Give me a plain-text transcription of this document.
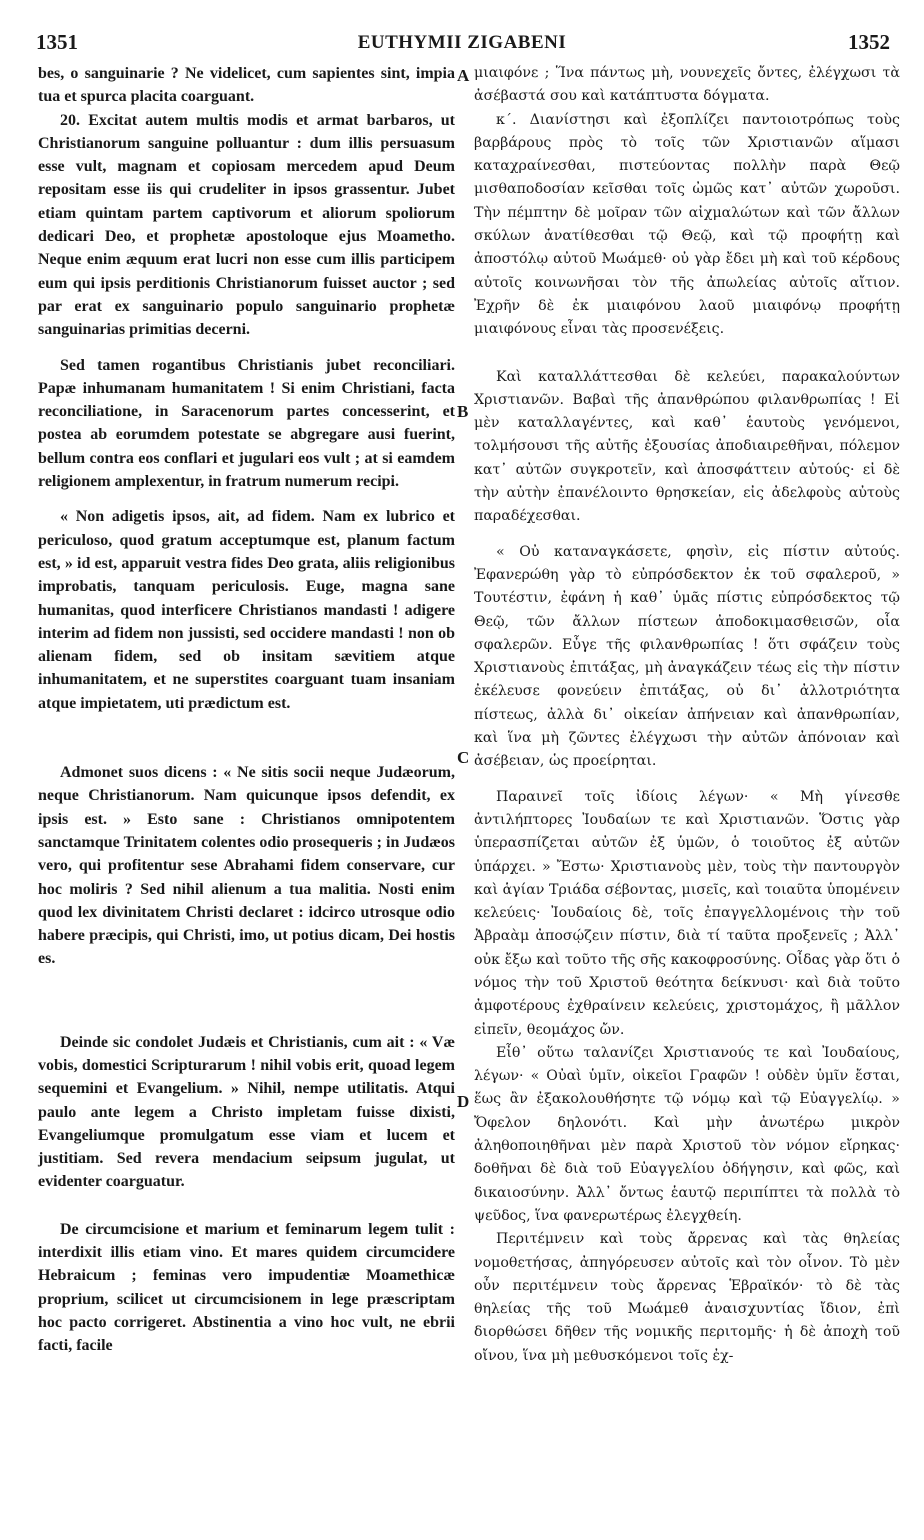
1351	EUTHYMII ZIGABENI	1352

bes, o sanguinarie ? Ne videlicet, cum sapientes sint, impia tua et spurca placita coarguant.

20. Excitat autem multis modis et armat barbaros, ut Christianorum sanguine polluantur : dum illis persuasum esse vult, magnam et copiosam mercedem apud Deum repositam esse iis qui crudeliter in ipsos grassentur. Jubet etiam quintam partem captivorum et aliorum spoliorum dedicari Deo, et prophetæ apostoloque ejus Moametho. Neque enim æquum erat lucri non esse cum illis participem eum qui ipsis perditionis Christianorum fuisset auctor ; sed par erat ex sanguinario populo sanguinario prophetæ sanguinarias primitias decerni.

Sed tamen rogantibus Christianis jubet reconciliari. Papæ inhumanam humanitatem ! Si enim Christiani, facta reconciliatione, in Saracenorum partes concesserint, et postea ab eorumdem potestate se abgregare ausi fuerint, bellum contra eos conflari et jugulari eos vult ; at si eamdem religionem amplexentur, in fratrum numerum recipi.

« Non adigetis ipsos, ait, ad fidem. Nam ex lubrico et periculoso, quod gratum acceptumque est, planum factum est, » id est, apparuit vestra fides Deo grata, aliis religionibus improbatis, tanquam periculosis. Euge, magna sane humanitas, quod interficere Christianos mandasti ! adigere interim ad fidem non jussisti, sed occidere mandasti ! non ob alienam fidem, sed ob insitam sævitiem atque inhumanitatem, et ne superstites coarguant tuam insaniam atque impietatem, uti prædictum est.

Admonet suos dicens : « Ne sitis socii neque Judæorum, neque Christianorum. Nam quicunque ipsos defendit, ex ipsis est. » Esto sane : Christianos omnipotentem sanctamque Trinitatem colentes odio prosequeris ; in Judæos vero, qui profitentur sese Abrahami fidem conservare, cur hoc moliris ? Sed nihil alienum a tua malitia. Nosti enim quod lex divinitatem Christi declaret : idcirco utrosque odio habere præcipis, qui Christi, imo, ut potius dicam, Dei hostis es.

Deinde sic condolet Judæis et Christianis, cum ait : « Væ vobis, domestici Scripturarum ! nihil vobis erit, quoad legem sequemini et Evangelium. » Nihil, nempe utilitatis. Atqui paulo ante legem a Christo impletam fuisse dixisti, Evangeliumque promulgatum esse viam et lucem et justitiam. Sed revera mendacium seipsum jugulat, ut evidenter coarguatur.

De circumcisione et marium et feminarum legem tulit : interdixit illis etiam vino. Et mares quidem circumcidere Hebraicum ; feminas vero impudentiæ Moamethicæ proprium, scilicet ut circumcisionem in lege præscriptam hoc pacto corrigeret. Abstinentia a vino hoc vult, ne ebrii facti, facile

A
B
C
D

μιαιφόνε ; Ἵνα πάντως μὴ, νουνεχεῖς ὄντες, ἐλέγχωσι τὰ ἀσέβαστά σου καὶ κατάπτυστα δόγματα.

κ΄. Διανίστησι καὶ ἐξοπλίζει παντοιοτρόπως τοὺς βαρβάρους πρὸς τὸ τοῖς τῶν Χριστιανῶν αἵμασι καταχραίνεσθαι, πιστεύοντας πολλὴν παρὰ Θεῷ μισθαποδοσίαν κεῖσθαι τοῖς ὠμῶς κατ᾽ αὐτῶν χωροῦσι. Τὴν πέμπτην δὲ μοῖραν τῶν αἰχμαλώτων καὶ τῶν ἄλλων σκύλων ἀνατίθεσθαι τῷ Θεῷ, καὶ τῷ προφήτῃ καὶ ἀποστόλῳ αὐτοῦ Μωάμεθ· οὐ γὰρ ἔδει μὴ καὶ τοῦ κέρδους αὐτοῖς κοινωνῆσαι τὸν τῆς ἀπωλείας αὐτοῖς αἴτιον. Ἐχρῆν δὲ ἐκ μιαιφόνου λαοῦ μιαιφόνῳ προφήτῃ μιαιφόνους εἶναι τὰς προσενέξεις.

Καὶ καταλλάττεσθαι δὲ κελεύει, παρακαλούντων Χριστιανῶν. Βαβαὶ τῆς ἀπανθρώπου φιλανθρωπίας ! Εἰ μὲν καταλλαγέντες, καὶ καθ᾽ ἑαυτοὺς γενόμενοι, τολμήσουσι τῆς αὐτῆς ἐξουσίας ἀποδιαιρεθῆναι, πόλεμον κατ᾽ αὐτῶν συγκροτεῖν, καὶ ἀποσφάττειν αὐτούς· εἰ δὲ τὴν αὐτὴν ἐπανέλοιντο θρησκείαν, εἰς ἀδελφοὺς αὐτοὺς παραδέχεσθαι.

« Οὐ καταναγκάσετε, φησὶν, εἰς πίστιν αὐτούς. Ἐφανερώθη γὰρ τὸ εὐπρόσδεκτον ἐκ τοῦ σφαλεροῦ, » Τουτέστιν, ἐφάνη ἡ καθ᾽ ὑμᾶς πίστις εὐπρόσδεκτος τῷ Θεῷ, τῶν ἄλλων πίστεων ἀποδοκιμασθεισῶν, οἷα σφαλερῶν. Εὖγε τῆς φιλανθρωπίας ! ὅτι σφάζειν τοὺς Χριστιανοὺς ἐπιτάξας, μὴ ἀναγκάζειν τέως εἰς τὴν πίστιν ἐκέλευσε φονεύειν ἐπιτάξας, οὐ δι᾽ ἀλλοτριότητα πίστεως, ἀλλὰ δι᾽ οἰκείαν ἀπήνειαν καὶ ἀπανθρωπίαν, καὶ ἵνα μὴ ζῶντες ἐλέγχωσι τὴν αὐτῶν ἀπόνοιαν καὶ ἀσέβειαν, ὡς προείρηται.

Παραινεῖ τοῖς ἰδίοις λέγων· « Μὴ γίνεσθε ἀντιλήπτορες Ἰουδαίων τε καὶ Χριστιανῶν. Ὅστις γὰρ ὑπερασπίζεται αὐτῶν ἐξ ὑμῶν, ὁ τοιοῦτος ἐξ αὐτῶν ὑπάρχει. » Ἔστω· Χριστιανοὺς μὲν, τοὺς τὴν παντουργὸν καὶ ἁγίαν Τριάδα σέβοντας, μισεῖς, καὶ τοιαῦτα ὑπομένειν κελεύεις· Ἰουδαίοις δὲ, τοῖς ἐπαγγελλομένοις τὴν τοῦ Ἀβραὰμ ἀποσῴζειν πίστιν, διὰ τί ταῦτα προξενεῖς ; Ἀλλ᾽ οὐκ ἔξω καὶ τοῦτο τῆς σῆς κακοφροσύνης. Οἶδας γὰρ ὅτι ὁ νόμος τὴν τοῦ Χριστοῦ θεότητα δείκνυσι· καὶ διὰ τοῦτο ἀμφοτέρους ἐχθραίνειν κελεύεις, χριστομάχος, ἢ μᾶλλον εἰπεῖν, θεομάχος ὤν.

Εἶθ᾽ οὕτω ταλανίζει Χριστιανούς τε καὶ Ἰουδαίους, λέγων· « Οὐαὶ ὑμῖν, οἰκεῖοι Γραφῶν ! οὐδὲν ὑμῖν ἔσται, ἕως ἂν ἐξακολουθήσητε τῷ νόμῳ καὶ τῷ Εὐαγγελίῳ. » Ὄφελον δηλονότι. Καὶ μὴν ἀνωτέρω μικρὸν ἀληθοποιηθῆναι μὲν παρὰ Χριστοῦ τὸν νόμον εἴρηκας· δοθῆναι δὲ διὰ τοῦ Εὐαγγελίου ὁδήγησιν, καὶ φῶς, καὶ δικαιοσύνην. Ἀλλ᾽ ὄντως ἑαυτῷ περιπίπτει τὰ πολλὰ τὸ ψεῦδος, ἵνα φανερωτέρως ἐλεγχθείη.

Περιτέμνειν καὶ τοὺς ἄρρενας καὶ τὰς θηλείας νομοθετήσας, ἀπηγόρευσεν αὐτοῖς καὶ τὸν οἶνον. Τὸ μὲν οὖν περιτέμνειν τοὺς ἄρρενας Ἑβραϊκόν· τὸ δὲ τὰς θηλείας τῆς τοῦ Μωάμεθ ἀναισχυντίας ἴδιον, ἐπὶ διορθώσει δῆθεν τῆς νομικῆς περιτομῆς· ἡ δὲ ἀποχὴ τοῦ οἴνου, ἵνα μὴ μεθυσκόμενοι τοῖς ἐχ-
